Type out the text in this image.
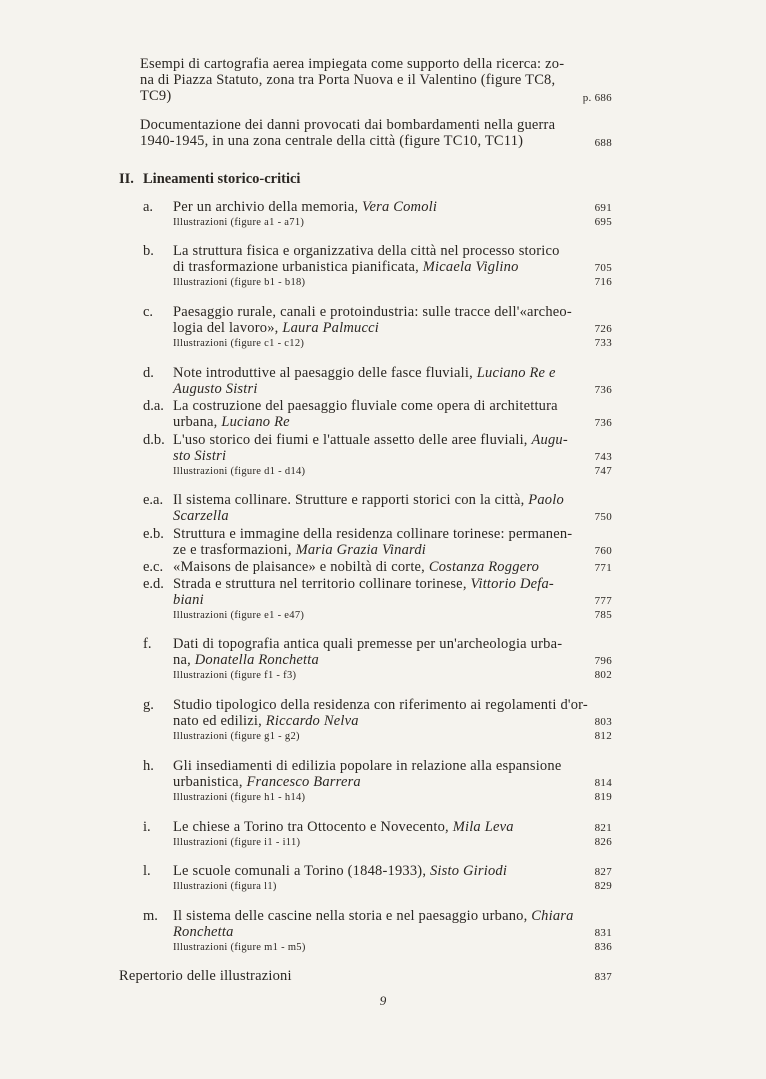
Esempi di cartografia aerea impiegata come supporto della ricerca: zo-
na di Piazza Statuto, zona tra Porta Nuova e il Valentino (figure TC8,
TC9)	p. 686
Documentazione dei danni provocati dai bombardamenti nella guerra
1940-1945, in una zona centrale della città (figure TC10, TC11)	688
II. Lineamenti storico-critici
a. Per un archivio della memoria, Vera Comoli	691
Illustrazioni (figure a1 - a71)	695
b. La struttura fisica e organizzativa della città nel processo storico
di trasformazione urbanistica pianificata, Micaela Viglino	705
Illustrazioni (figure b1 - b18)	716
c. Paesaggio rurale, canali e protoindustria: sulle tracce dell'«archeo-
logia del lavoro», Laura Palmucci	726
Illustrazioni (figure c1 - c12)	733
d. Note introduttive al paesaggio delle fasce fluviali, Luciano Re e
Augusto Sistri	736
d.a. La costruzione del paesaggio fluviale come opera di architettura
urbana, Luciano Re	736
d.b. L'uso storico dei fiumi e l'attuale assetto delle aree fluviali, Augu-
sto Sistri	743
Illustrazioni (figure d1 - d14)	747
e.a. Il sistema collinare. Strutture e rapporti storici con la città, Paolo
Scarzella	750
e.b. Struttura e immagine della residenza collinare torinese: permanen-
ze e trasformazioni, Maria Grazia Vinardi	760
e.c. «Maisons de plaisance» e nobiltà di corte, Costanza Roggero	771
e.d. Strada e struttura nel territorio collinare torinese, Vittorio Defa-
biani	777
Illustrazioni (figure e1 - e47)	785
f. Dati di topografia antica quali premesse per un'archeologia urba-
na, Donatella Ronchetta	796
Illustrazioni (figure f1 - f3)	802
g. Studio tipologico della residenza con riferimento ai regolamenti d'or-
nato ed edilizi, Riccardo Nelva	803
Illustrazioni (figure g1 - g2)	812
h. Gli insediamenti di edilizia popolare in relazione alla espansione
urbanistica, Francesco Barrera	814
Illustrazioni (figure h1 - h14)	819
i. Le chiese a Torino tra Ottocento e Novecento, Mila Leva	821
Illustrazioni (figure i1 - i11)	826
l. Le scuole comunali a Torino (1848-1933), Sisto Giriodi	827
Illustrazioni (figura l1)	829
m. Il sistema delle cascine nella storia e nel paesaggio urbano, Chiara
Ronchetta	831
Illustrazioni (figure m1 - m5)	836
Repertorio delle illustrazioni	837
9
